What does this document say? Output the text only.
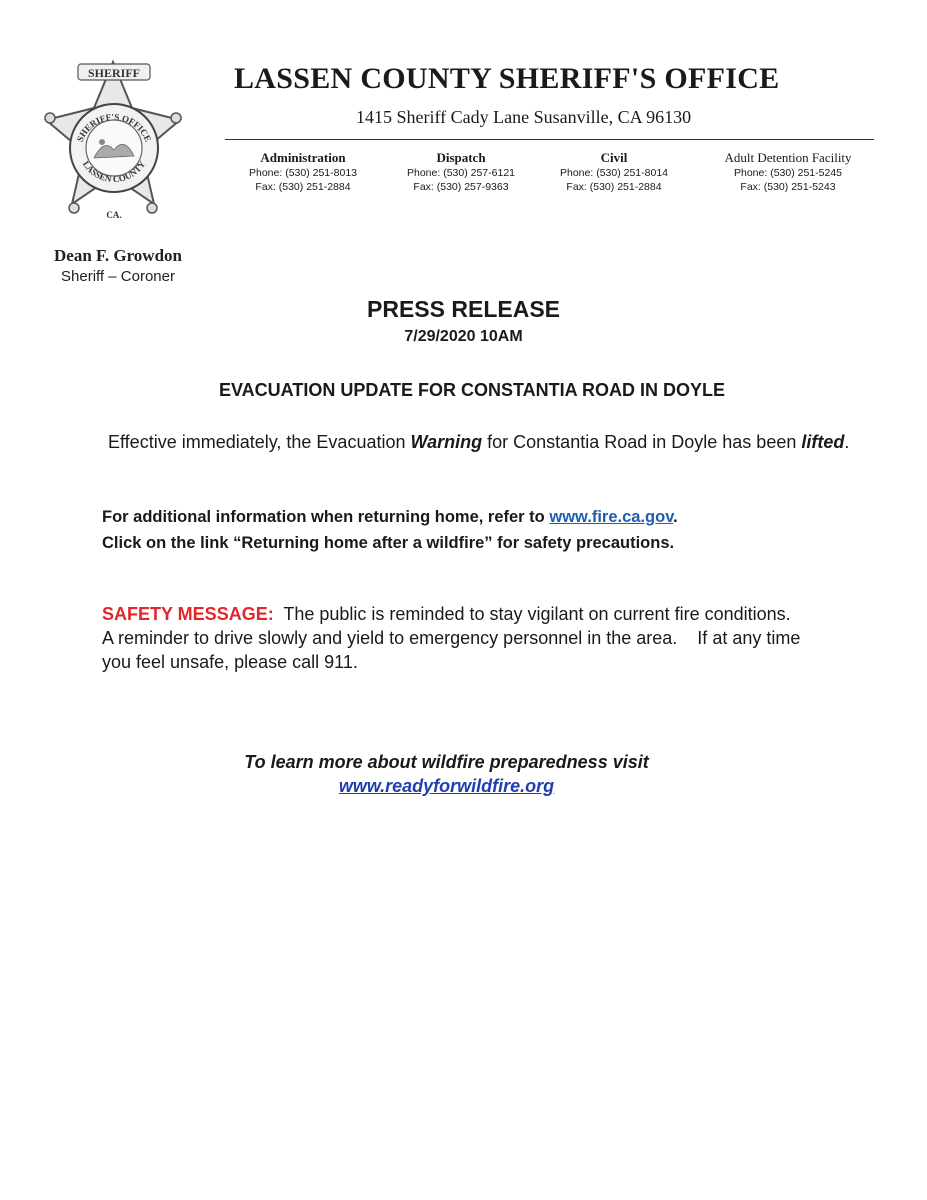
SHERIFF
SHERIFF'S OFFICE
LASSEN COUNTY
CA.
Dean F. Growdon
Sheriff – Coroner
LASSEN COUNTY SHERIFF'S OFFICE
1415 Sheriff Cady Lane Susanville, CA 96130
Administration
Phone: (530) 251-8013
Fax: (530) 251-2884
Dispatch
Phone: (530) 257-6121
Fax: (530) 257-9363
Civil
Phone: (530) 251-8014
Fax: (530) 251-2884
Adult Detention Facility
Phone: (530) 251-5245
Fax: (530) 251-5243
PRESS RELEASE
7/29/2020 10AM
EVACUATION UPDATE FOR CONSTANTIA ROAD IN DOYLE
Effective immediately, the Evacuation Warning for Constantia Road in Doyle has been lifted.
For additional information when returning home, refer to www.fire.ca.gov.
Click on the link “Returning home after a wildfire” for safety precautions.
SAFETY MESSAGE:  The public is reminded to stay vigilant on current fire conditions.  A reminder to drive slowly and yield to emergency personnel in the area.    If at any time you feel unsafe, please call 911.
To learn more about wildfire preparedness visit
www.readyforwildfire.org
